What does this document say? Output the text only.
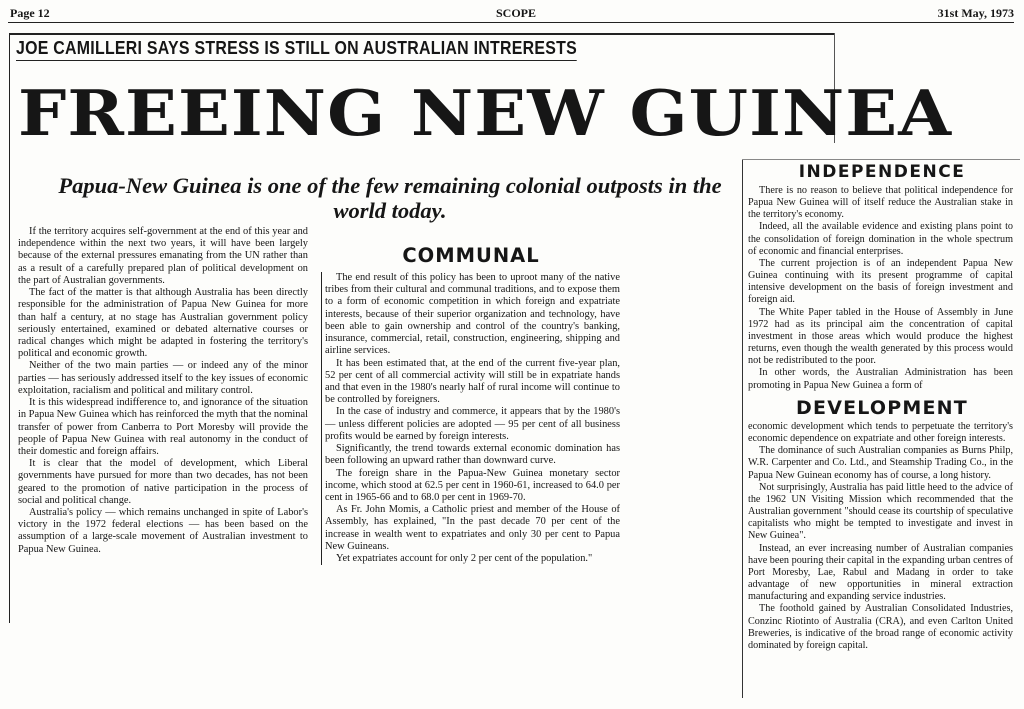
Page 12	SCOPE	31st May, 1973
JOE CAMILLERI SAYS STRESS IS STILL ON AUSTRALIAN INTRERESTS
FREEING NEW GUINEA
Papua-New Guinea is one of the few remaining colonial outposts in the world today.

If the territory acquires self-government at the end of this year and independence within the next two years, it will have been largely because of the external pressures emanating from the UN rather than as a result of a carefully prepared plan of political development on the part of Australian governments.

The fact of the matter is that although Australia has been directly responsible for the administration of Papua New Guinea for more than half a century, at no stage has Australian government policy seriously entertained, examined or debated alternative courses or radical changes which might be adapted in fostering the territory's political and economic growth.

Neither of the two main parties — or indeed any of the minor parties — has seriously addressed itself to the key issues of economic exploitation, racialism and political and military control.

It is this widespread indifference to, and ignorance of the situation in Papua New Guinea which has reinforced the myth that the nominal transfer of power from Canberra to Port Moresby will provide the people of Papua New Guinea with real autonomy in the conduct of their domestic and foreign affairs.

It is clear that the model of development, which Liberal governments have pursued for more than two decades, has not been geared to the promotion of native participation in the process of social and political change.

Australia's policy — which remains unchanged in spite of Labor's victory in the 1972 federal elections — has been based on the assumption of a large-scale movement of Australian investment to Papua New Guinea.

COMMUNAL

The end result of this policy has been to uproot many of the native tribes from their cultural and communal traditions, and to expose them to a form of economic competition in which foreign and expatriate interests, because of their superior organization and technology, have been able to gain ownership and control of the country's banking, insurance, commercial, retail, construction, engineering, shipping and airline services.

It has been estimated that, at the end of the current five-year plan, 52 per cent of all commercial activity will still be in expatriate hands and that even in the 1980's nearly half of rural income will continue to be controlled by foreigners.

In the case of industry and commerce, it appears that by the 1980's — unless different policies are adopted — 95 per cent of all business profits would be earned by foreign interests.

Significantly, the trend towards external economic domination has been following an upward rather than downward curve.

The foreign share in the Papua-New Guinea monetary sector income, which stood at 62.5 per cent in 1960-61, increased to 64.0 per cent in 1965-66 and to 68.0 per cent in 1969-70.

As Fr. John Momis, a Catholic priest and member of the House of Assembly, has explained, "In the past decade 70 per cent of the increase in wealth went to expatriates and only 30 per cent to Papua New Guineans.

Yet expatriates account for only 2 per cent of the population."

INDEPENDENCE

There is no reason to believe that political independence for Papua New Guinea will of itself reduce the Australian stake in the territory's economy.

Indeed, all the available evidence and existing plans point to the consolidation of foreign domination in the whole spectrum of economic and financial enterprises.

The current projection is of an independent Papua New Guinea continuing with its present programme of capital intensive development on the basis of foreign investment and foreign aid.

The White Paper tabled in the House of Assembly in June 1972 had as its principal aim the concentration of capital investment in those areas which would produce the highest returns, even though the wealth generated by this process would not be redistributed to the poor.

In other words, the Australian Administration has been promoting in Papua New Guinea a form of

DEVELOPMENT

economic development which tends to perpetuate the territory's economic dependence on expatriate and other foreign interests.

The dominance of such Australian companies as Burns Philp, W.R. Carpenter and Co. Ltd., and Steamship Trading Co., in the Papua New Guinean economy has of course, a long history.

Not surprisingly, Australia has paid little heed to the advice of the 1962 UN Visiting Mission which recommended that the Australian government "should cease its courtship of speculative capitalists who might be tempted to investigate and invest in New Guinea".

Instead, an ever increasing number of Australian companies have been pouring their capital in the expanding urban centres of Port Moresby, Lae, Rabul and Madang in order to take advantage of new opportunities in mineral extraction manufacturing and expanding service industries.

The foothold gained by Australian Consolidated Industries, Conzinc Riotinto of Australia (CRA), and even Carlton United Breweries, is indicative of the broad range of economic activity dominated by foreign capital.
